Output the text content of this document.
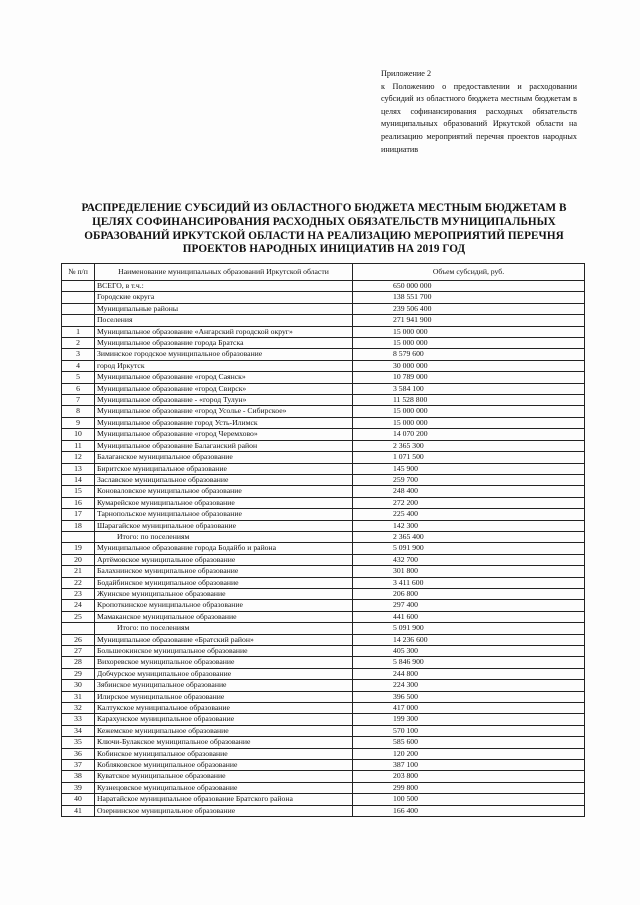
Приложение 2
к Положению о предоставлении и расходовании субсидий из областного бюджета местным бюджетам в целях софинансирования расходных обязательств муниципальных образований Иркутской области на реализацию мероприятий перечня проектов народных инициатив
РАСПРЕДЕЛЕНИЕ СУБСИДИЙ ИЗ ОБЛАСТНОГО БЮДЖЕТА МЕСТНЫМ БЮДЖЕТАМ В ЦЕЛЯХ СОФИНАНСИРОВАНИЯ РАСХОДНЫХ ОБЯЗАТЕЛЬСТВ МУНИЦИПАЛЬНЫХ ОБРАЗОВАНИЙ ИРКУТСКОЙ ОБЛАСТИ НА РЕАЛИЗАЦИЮ МЕРОПРИЯТИЙ ПЕРЕЧНЯ ПРОЕКТОВ НАРОДНЫХ ИНИЦИАТИВ НА 2019 ГОД
№ п/п	Наименование муниципальных образований Иркутской области	Объем субсидий, руб.
	ВСЕГО, в т.ч.:	650 000 000
	Городские округа	138 551 700
	Муниципальные районы	239 506 400
	Поселения	271 941 900
1	Муниципальное образование «Ангарский городской округ»	15 000 000
2	Муниципальное образование города Братска	15 000 000
3	Зиминское городское муниципальное образование	8 579 600
4	город Иркутск	30 000 000
5	Муниципальное образование «город Саянск»	10 789 000
6	Муниципальное образование «город Свирск»	3 584 100
7	Муниципальное образование - «город Тулун»	11 528 800
8	Муниципальное образование «город Усолье - Сибирское»	15 000 000
9	Муниципальное образование город Усть-Илимск	15 000 000
10	Муниципальное образование «город Черемхово»	14 070 200
11	Муниципальное образование Балаганский район	2 365 300
12	Балаганское муниципальное образование	1 071 500
13	Биритское муниципальное образование	145 900
14	Заславское муниципальное образование	259 700
15	Коноваловское муниципальное образование	248 400
16	Кумарейское муниципальное образование	272 200
17	Тарнопольское муниципальное образование	225 400
18	Шарагайское муниципальное образование	142 300
	Итого: по поселениям	2 365 400
19	Муниципальное образование города Бодайбо и района	5 091 900
20	Артёмовское муниципальное образование	432 700
21	Балахнинское муниципальное образование	301 800
22	Бодайбинское муниципальное образование	3 411 600
23	Жуинское муниципальное образование	206 800
24	Кропоткинское муниципальное образование	297 400
25	Мамаканское муниципальное образование	441 600
	Итого: по поселениям	5 091 900
26	Муниципальное образование «Братский район»	14 236 600
27	Большеокинское муниципальное образование	405 300
28	Вихоревское муниципальное образование	5 846 900
29	Добчурское муниципальное образование	244 800
30	Зябинское муниципальное образование	224 300
31	Илирское муниципальное образование	396 500
32	Калтукское муниципальное образование	417 000
33	Карахунское муниципальное образование	199 300
34	Кежемское муниципальное образование	570 100
35	Ключи-Булакское муниципальное образование	585 600
36	Кобинское муниципальное образование	120 200
37	Кобляковское муниципальное образование	387 100
38	Куватское муниципальное образование	203 800
39	Кузнецовское муниципальное образование	299 800
40	Наратайское муниципальное образование Братского района	100 500
41	Озернинское муниципальное образование	166 400
